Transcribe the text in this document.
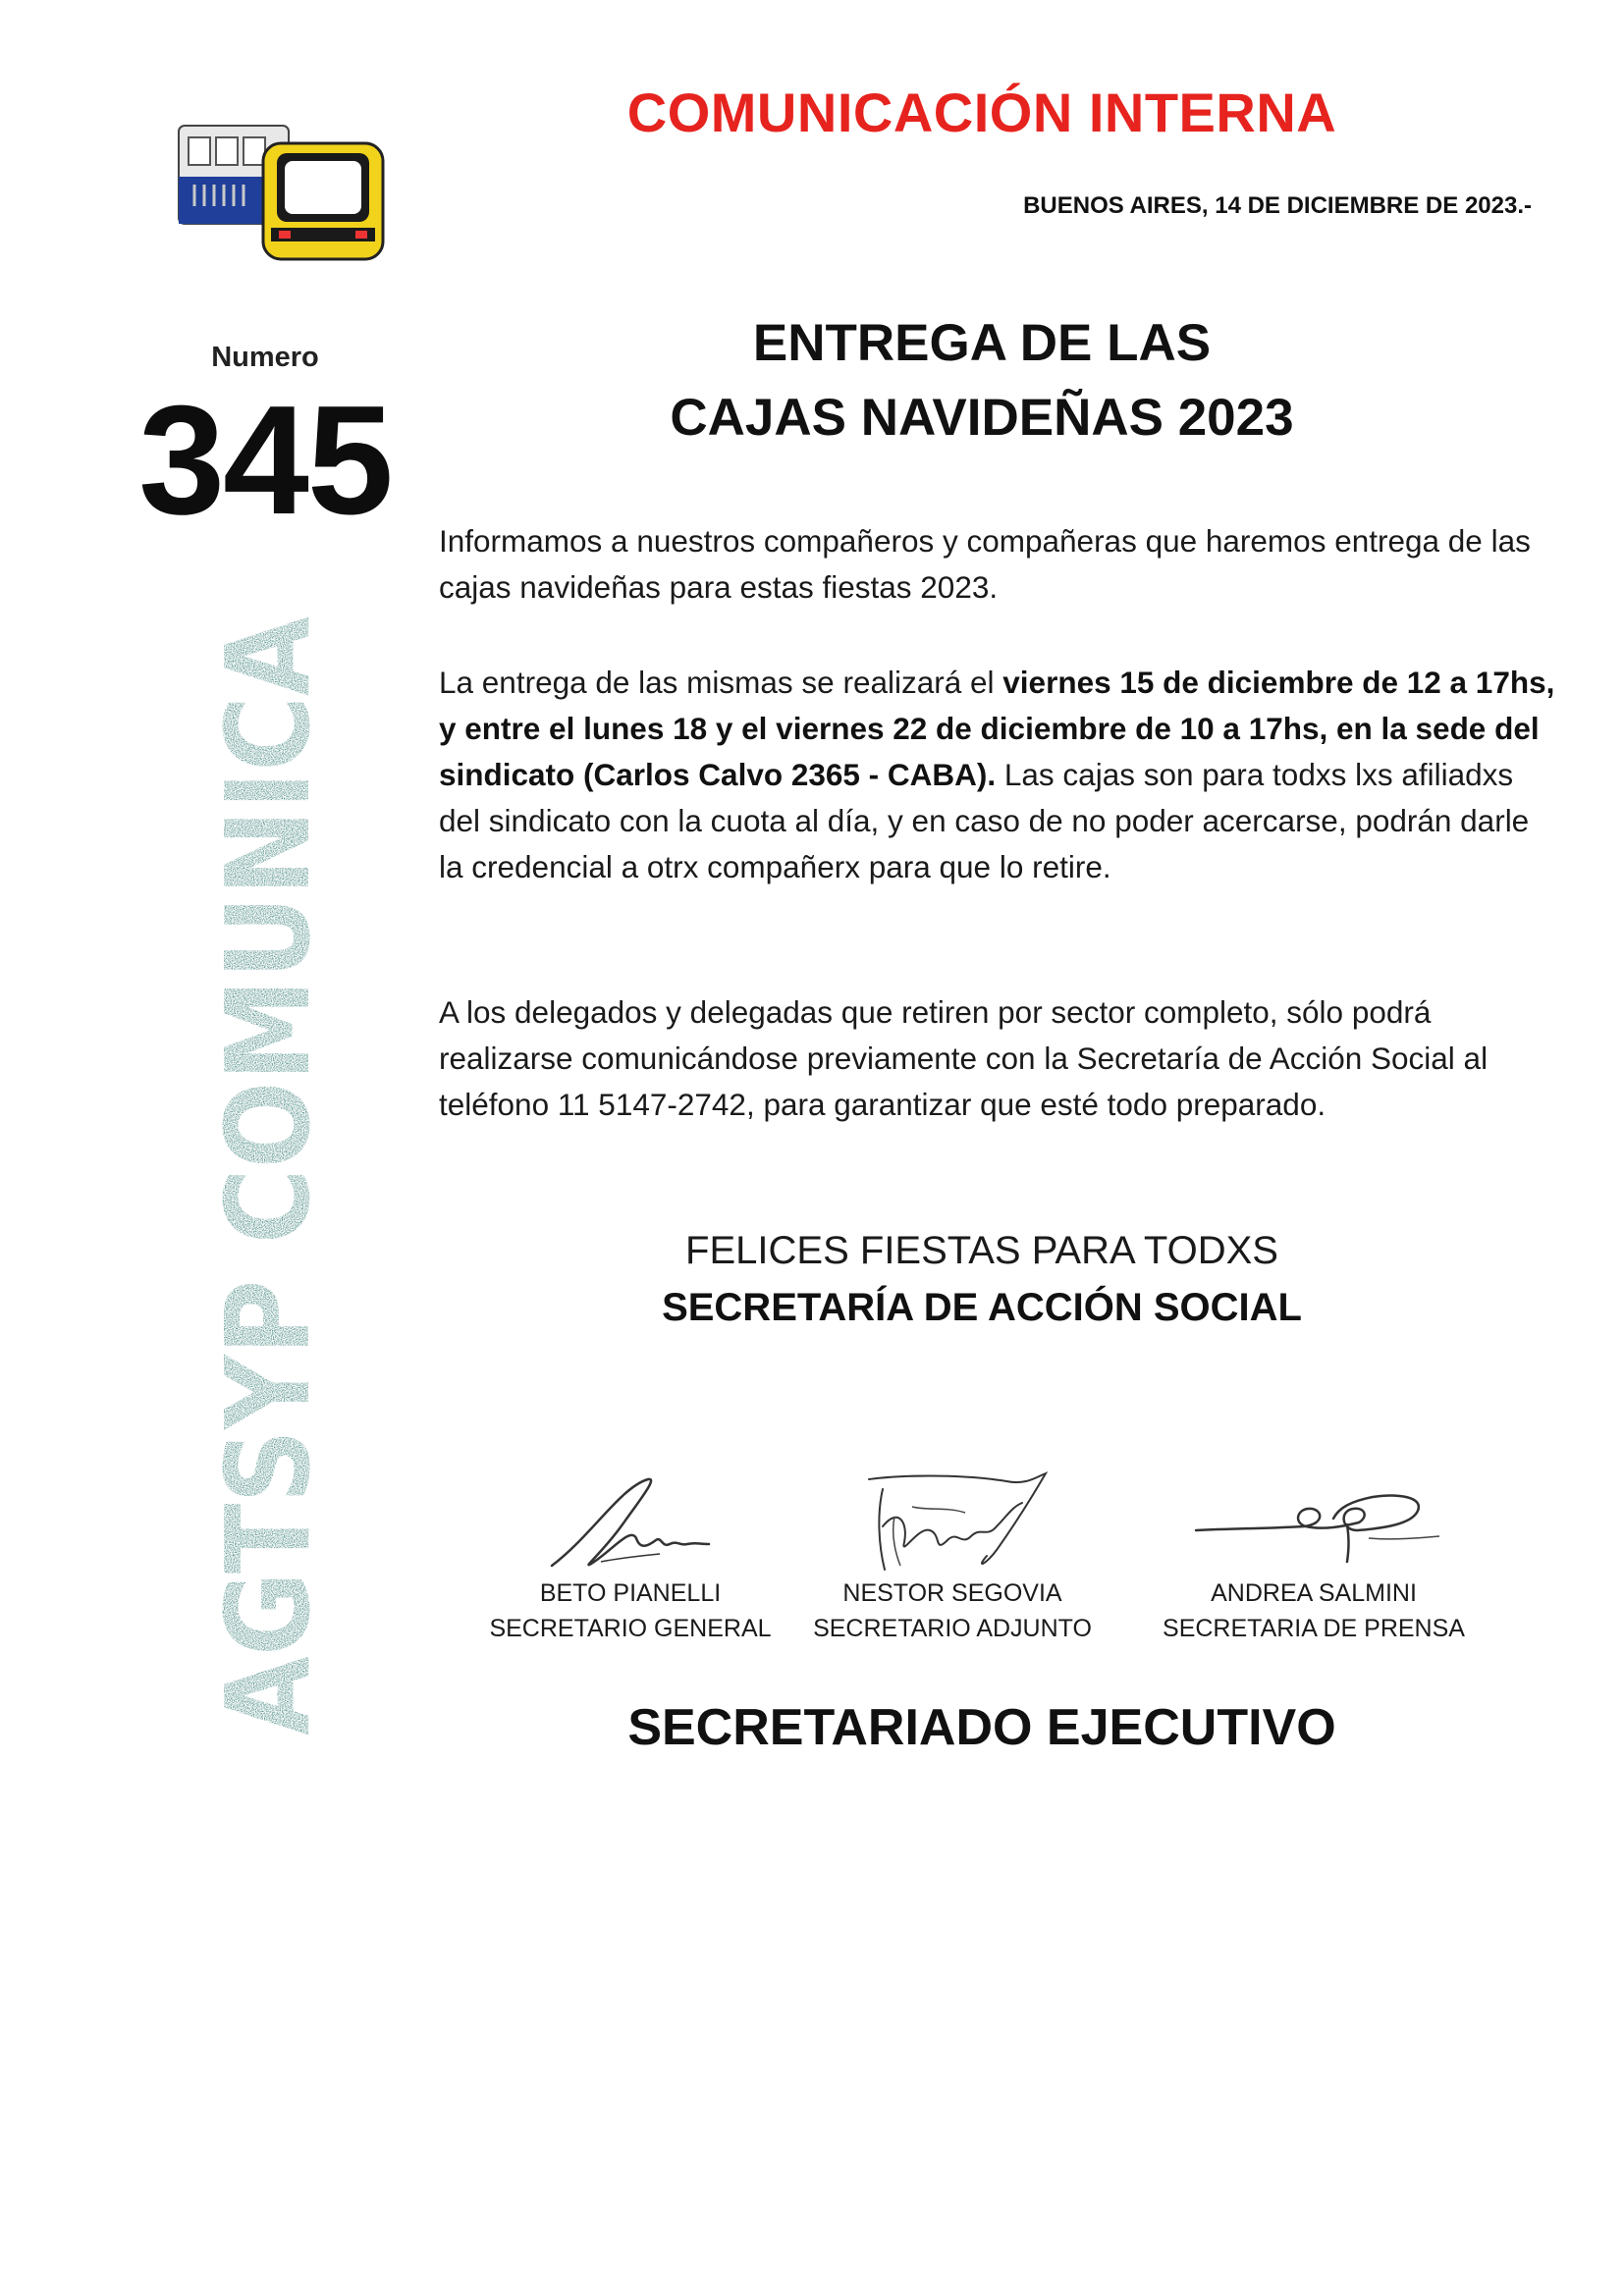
COMUNICACIÓN INTERNA
BUENOS AIRES, 14 DE DICIEMBRE DE 2023.-
Numero
345
AGTSYP COMUNICA
ENTREGA DE LAS
CAJAS NAVIDEÑAS 2023
Informamos a nuestros compañeros y compañeras que haremos entrega de las cajas navideñas para estas fiestas 2023.
La entrega de las mismas se realizará el viernes 15 de diciembre de 12 a 17hs, y entre el lunes 18 y el viernes 22 de diciembre de 10 a 17hs, en la sede del sindicato (Carlos Calvo 2365 - CABA). Las cajas son para todxs lxs afiliadxs del sindicato con la cuota al día, y en caso de no poder acercarse, podrán darle la credencial a otrx compañerx para que lo retire.
A los delegados y delegadas que retiren por sector completo, sólo podrá realizarse comunicándose previamente con la Secretaría de Acción Social al teléfono 11 5147-2742, para garantizar que esté todo preparado.
FELICES FIESTAS PARA TODXS
SECRETARÍA DE ACCIÓN SOCIAL
BETO PIANELLI
SECRETARIO GENERAL
NESTOR SEGOVIA
SECRETARIO ADJUNTO
ANDREA SALMINI
SECRETARIA DE PRENSA
SECRETARIADO EJECUTIVO
